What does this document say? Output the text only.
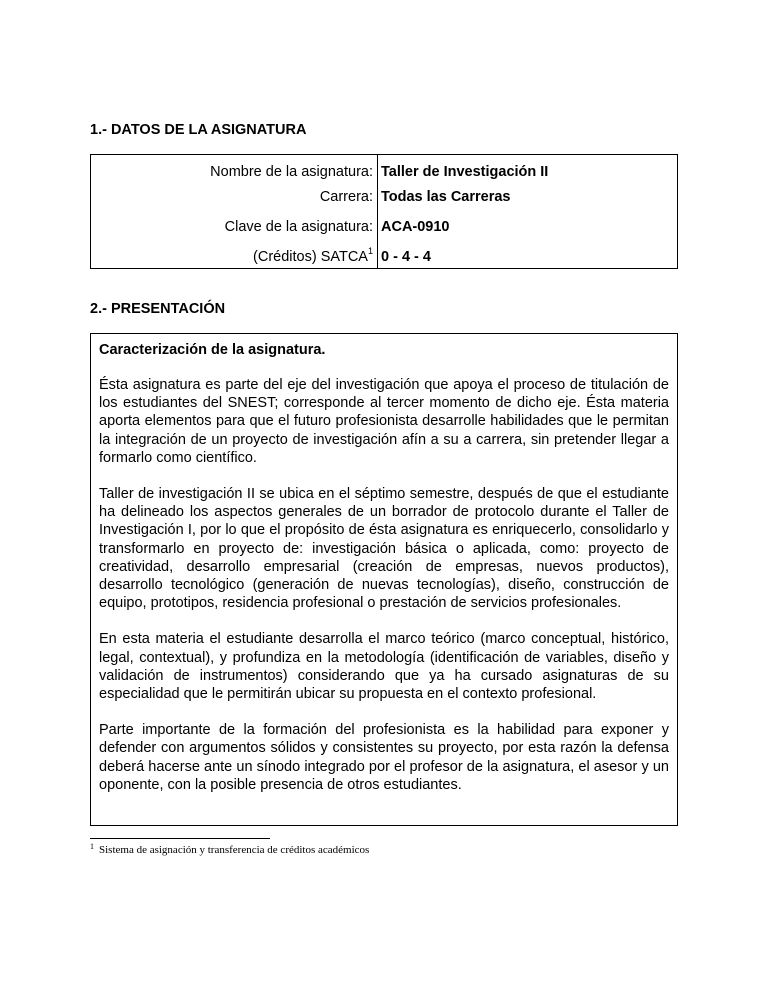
1.- DATOS DE LA ASIGNATURA
Nombre de la asignatura: Taller de Investigación II
Carrera: Todas las Carreras
Clave de la asignatura: ACA-0910
(Créditos) SATCA$^1$ 0 - 4 - 4
2.- PRESENTACIÓN

Caracterización de la asignatura.

Ésta asignatura es parte del eje del investigación que apoya el proceso de titulación de los estudiantes del SNEST; corresponde al tercer momento de dicho eje. Ésta materia aporta elementos para que el futuro profesionista desarrolle habilidades que le permitan la integración de un proyecto de investigación afín a su a carrera, sin pretender llegar a formarlo como científico.

Taller de investigación II se ubica en el séptimo semestre, después de que el estudiante ha delineado los aspectos generales de un borrador de protocolo durante el Taller de Investigación I, por lo que el propósito de ésta asignatura es enriquecerlo, consolidarlo y transformarlo en proyecto de: investigación básica o aplicada, como: proyecto de creatividad, desarrollo empresarial (creación de empresas, nuevos productos), desarrollo tecnológico (generación de nuevas tecnologías), diseño, construcción de equipo, prototipos, residencia profesional o prestación de servicios profesionales.

En esta materia el estudiante desarrolla el marco teórico (marco conceptual, histórico, legal, contextual), y profundiza en la metodología (identificación de variables, diseño y validación de instrumentos) considerando que ya ha cursado asignaturas de su especialidad que le permitirán ubicar su propuesta en el contexto profesional.

Parte importante de la formación del profesionista es la habilidad para exponer y defender con argumentos sólidos y consistentes su proyecto, por esta razón la defensa deberá hacerse ante un sínodo integrado por el profesor de la asignatura, el asesor y un oponente, con la posible presencia de otros estudiantes.

$^1$ Sistema de asignación y transferencia de créditos académicos
